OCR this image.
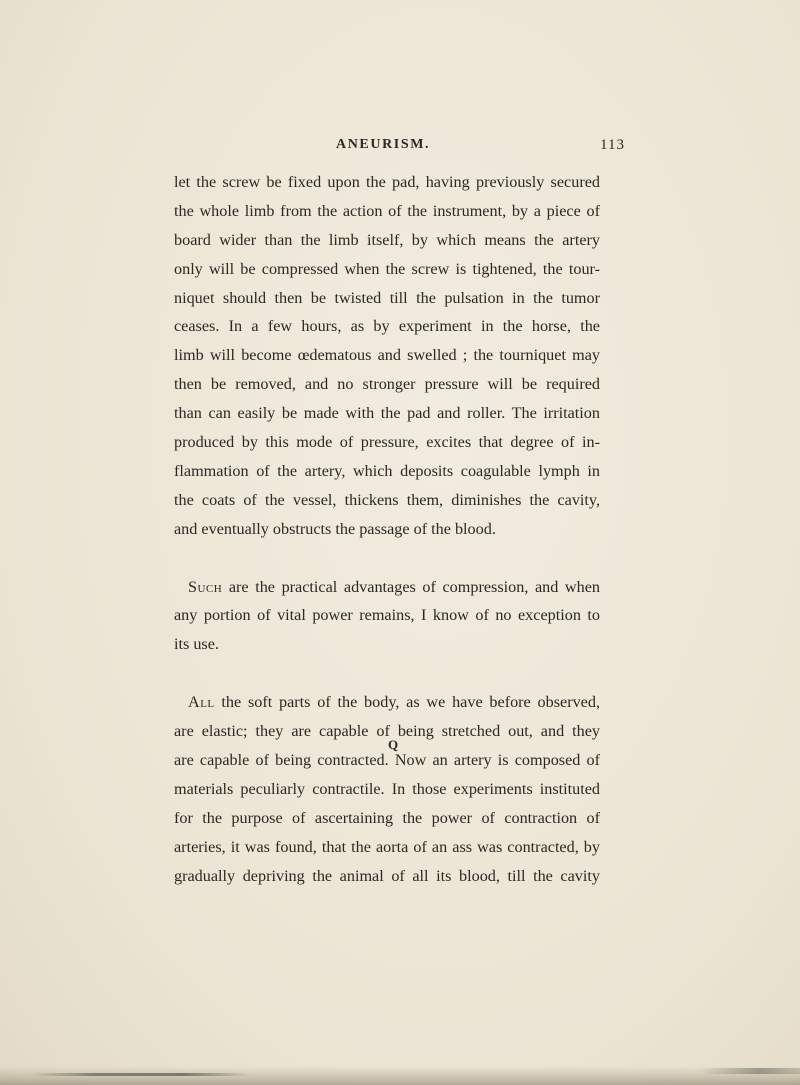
ANEURISM.	113
let the screw be fixed upon the pad, having previously secured
the whole limb from the action of the instrument, by a piece of
board wider than the limb itself, by which means the artery
only will be compressed when the screw is tightened, the tour-
niquet should then be twisted till the pulsation in the tumor
ceases. In a few hours, as by experiment in the horse, the
limb will become œdematous and swelled ; the tourniquet may
then be removed, and no stronger pressure will be required
than can easily be made with the pad and roller. The irritation
produced by this mode of pressure, excites that degree of in-
flammation of the artery, which deposits coagulable lymph in
the coats of the vessel, thickens them, diminishes the cavity,
and eventually obstructs the passage of the blood.
Such are the practical advantages of compression, and when
any portion of vital power remains, I know of no exception to
its use.
All the soft parts of the body, as we have before observed,
are elastic; they are capable of being stretched out, and they
are capable of being contracted. Now an artery is composed of
materials peculiarly contractile. In those experiments instituted
for the purpose of ascertaining the power of contraction of
arteries, it was found, that the aorta of an ass was contracted, by
gradually depriving the animal of all its blood, till the cavity
Q
